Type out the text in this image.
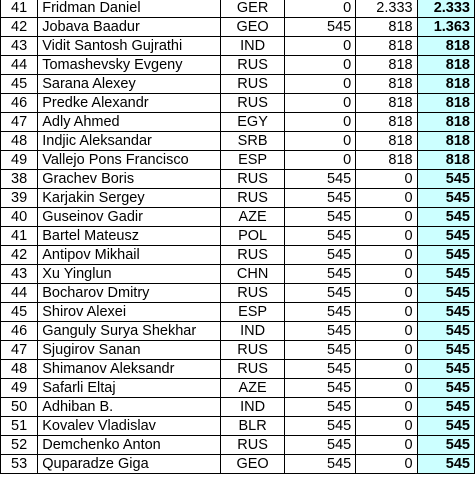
41	Fridman Daniel	GER	0	2.333	2.333
42	Jobava Baadur	GEO	545	818	1.363
43	Vidit Santosh Gujrathi	IND	0	818	818
44	Tomashevsky Evgeny	RUS	0	818	818
45	Sarana Alexey	RUS	0	818	818
46	Predke Alexandr	RUS	0	818	818
47	Adly Ahmed	EGY	0	818	818
48	Indjic Aleksandar	SRB	0	818	818
49	Vallejo Pons Francisco	ESP	0	818	818
38	Grachev Boris	RUS	545	0	545
39	Karjakin Sergey	RUS	545	0	545
40	Guseinov Gadir	AZE	545	0	545
41	Bartel Mateusz	POL	545	0	545
42	Antipov Mikhail	RUS	545	0	545
43	Xu Yinglun	CHN	545	0	545
44	Bocharov Dmitry	RUS	545	0	545
45	Shirov Alexei	ESP	545	0	545
46	Ganguly Surya Shekhar	IND	545	0	545
47	Sjugirov Sanan	RUS	545	0	545
48	Shimanov Aleksandr	RUS	545	0	545
49	Safarli Eltaj	AZE	545	0	545
50	Adhiban B.	IND	545	0	545
51	Kovalev Vladislav	BLR	545	0	545
52	Demchenko Anton	RUS	545	0	545
53	Quparadze Giga	GEO	545	0	545
